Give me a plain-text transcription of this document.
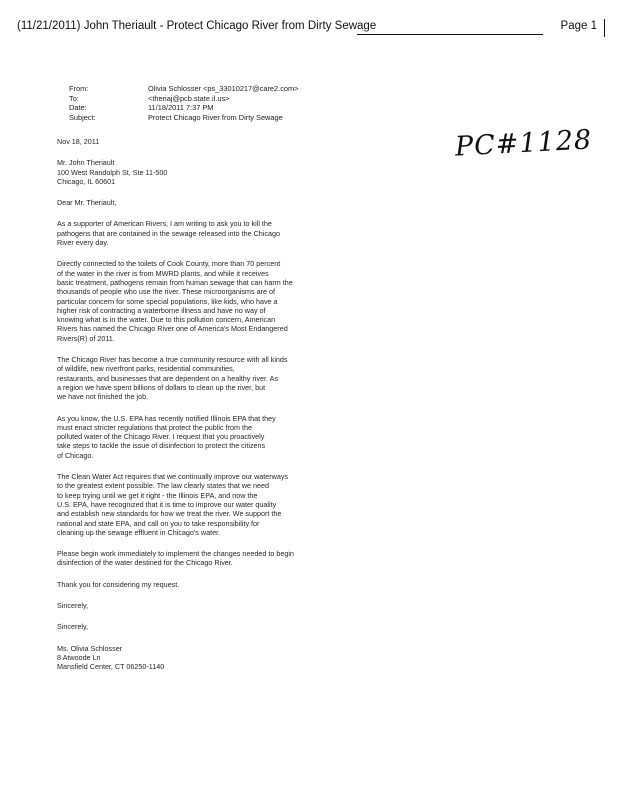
(11/21/2011) John Theriault - Protect Chicago River from Dirty Sewage	Page 1
From:	Olivia Schlosser <ps_33010217@care2.com>
To:	<theriaj@pcb.state.il.us>
Date:	11/18/2011 7:37 PM
Subject:	Protect Chicago River from Dirty Sewage
PC#1128
Nov 18, 2011
Mr. John Theriault
100 West Randolph St, Ste 11-500
Chicago, IL 60601
Dear Mr. Theriault,
As a supporter of American Rivers, I am writing to ask you to kill the
pathogens that are contained in the sewage released into the Chicago
River every day.
Directly connected to the toilets of Cook County, more than 70 percent
of the water in the river is from MWRD plants, and while it receives
basic treatment, pathogens remain from human sewage that can harm the
thousands of people who use the river. These microorganisms are of
particular concern for some special populations, like kids, who have a
higher risk of contracting a waterborne illness and have no way of
knowing what is in the water. Due to this pollution concern, American
Rivers has named the Chicago River one of America's Most Endangered
Rivers(R) of 2011.
The Chicago River has become a true community resource with all kinds
of wildlife, new riverfront parks, residential communities,
restaurants, and businesses that are dependent on a healthy river. As
a region we have spent billions of dollars to clean up the river, but
we have not finished the job.
As you know, the U.S. EPA has recently notified Illinois EPA that they
must enact stricter regulations that protect the public from the
polluted water of the Chicago River. I request that you proactively
take steps to tackle the issue of disinfection to protect the citizens
of Chicago.
The Clean Water Act requires that we continually improve our waterways
to the greatest extent possible. The law clearly states that we need
to keep trying until we get it right - the Illinois EPA, and now the
U.S. EPA, have recognized that it is time to improve our water quality
and establish new standards for how we treat the river. We support the
national and state EPA, and call on you to take responsibility for
cleaning up the sewage effluent in Chicago's water.
Please begin work immediately to implement the changes needed to begin
disinfection of the water destined for the Chicago River.
Thank you for considering my request.
Sincerely,
Sincerely,
Ms. Olivia Schlosser
8 Atwoode Ln
Mansfield Center, CT 06250-1140
